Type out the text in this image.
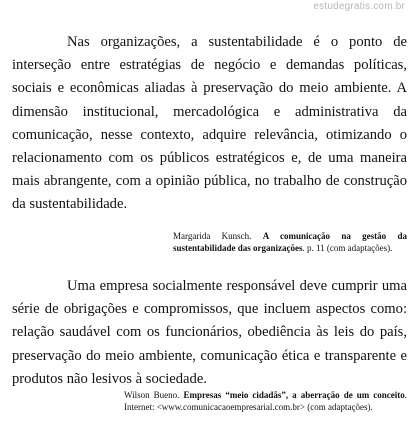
estudegratis.com.br

Nas organizações, a sustentabilidade é o ponto de interseção entre estratégias de negócio e demandas políticas, sociais e econômicas aliadas à preservação do meio ambiente. A dimensão institucional, mercadológica e administrativa da comunicação, nesse contexto, adquire relevância, otimizando o relacionamento com os públicos estratégicos e, de uma maneira mais abrangente, com a opinião pública, no trabalho de construção da sustentabilidade.

Margarida Kunsch. A comunicação na gestão da sustentabilidade das organizações. p. 11 (com adaptações).

Uma empresa socialmente responsável deve cumprir uma série de obrigações e compromissos, que incluem aspectos como: relação saudável com os funcionários, obediência às leis do país, preservação do meio ambiente, comunicação ética e transparente e produtos não lesivos à sociedade.

Wilson Bueno. Empresas “meio cidadãs”, a aberração de um conceito. Internet: <www.comunicacaoempresarial.com.br> (com adaptações).
